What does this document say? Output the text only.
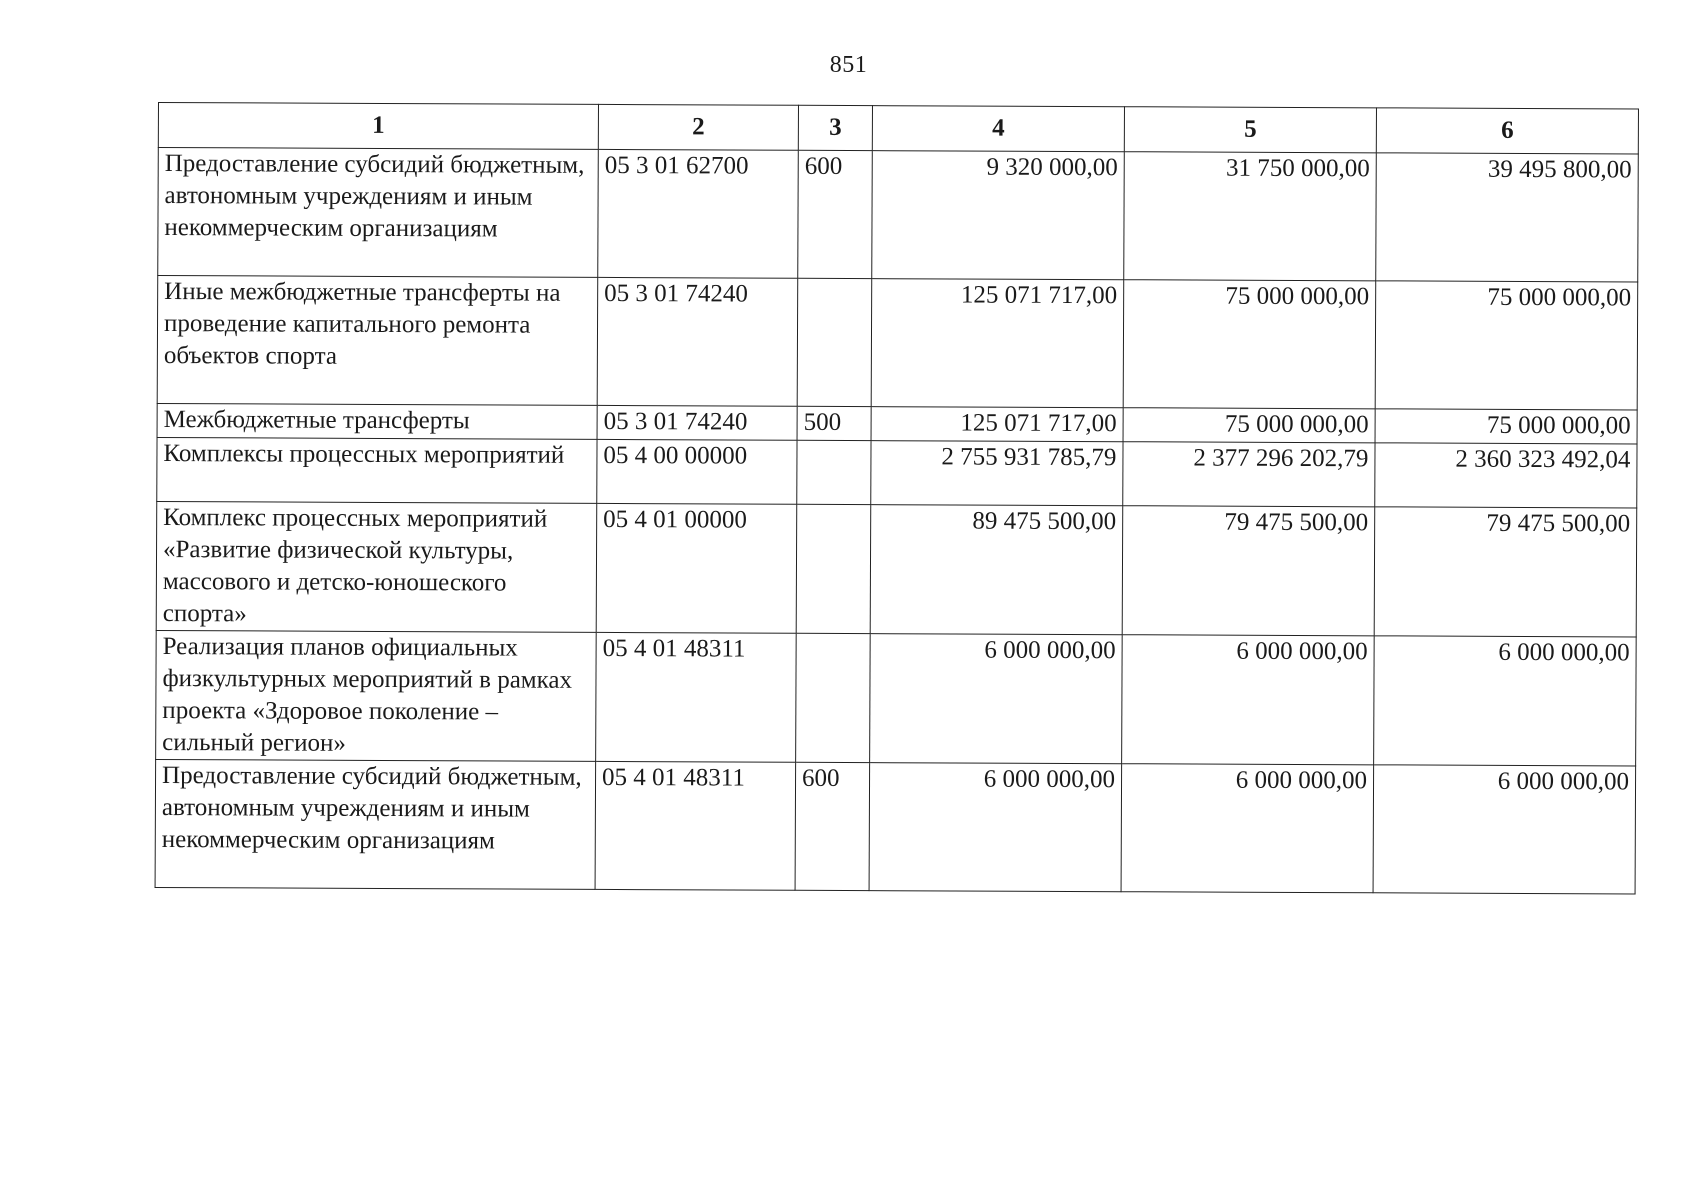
851
1	2	3	4	5	6
Предоставление субсидий бюджетным, автономным учреждениям и иным некоммерческим организациям	05 3 01 62700	600	9 320 000,00	31 750 000,00	39 495 800,00
Иные межбюджетные трансферты на проведение капитального ремонта объектов спорта	05 3 01 74240		125 071 717,00	75 000 000,00	75 000 000,00
Межбюджетные трансферты	05 3 01 74240	500	125 071 717,00	75 000 000,00	75 000 000,00
Комплексы процессных мероприятий	05 4 00 00000		2 755 931 785,79	2 377 296 202,79	2 360 323 492,04
Комплекс процессных мероприятий «Развитие физической культуры, массового и детско-юношеского спорта»	05 4 01 00000		89 475 500,00	79 475 500,00	79 475 500,00
Реализация планов официальных физкультурных мероприятий в рамках проекта «Здоровое поколение – сильный регион»	05 4 01 48311		6 000 000,00	6 000 000,00	6 000 000,00
Предоставление субсидий бюджетным, автономным учреждениям и иным некоммерческим организациям	05 4 01 48311	600	6 000 000,00	6 000 000,00	6 000 000,00
